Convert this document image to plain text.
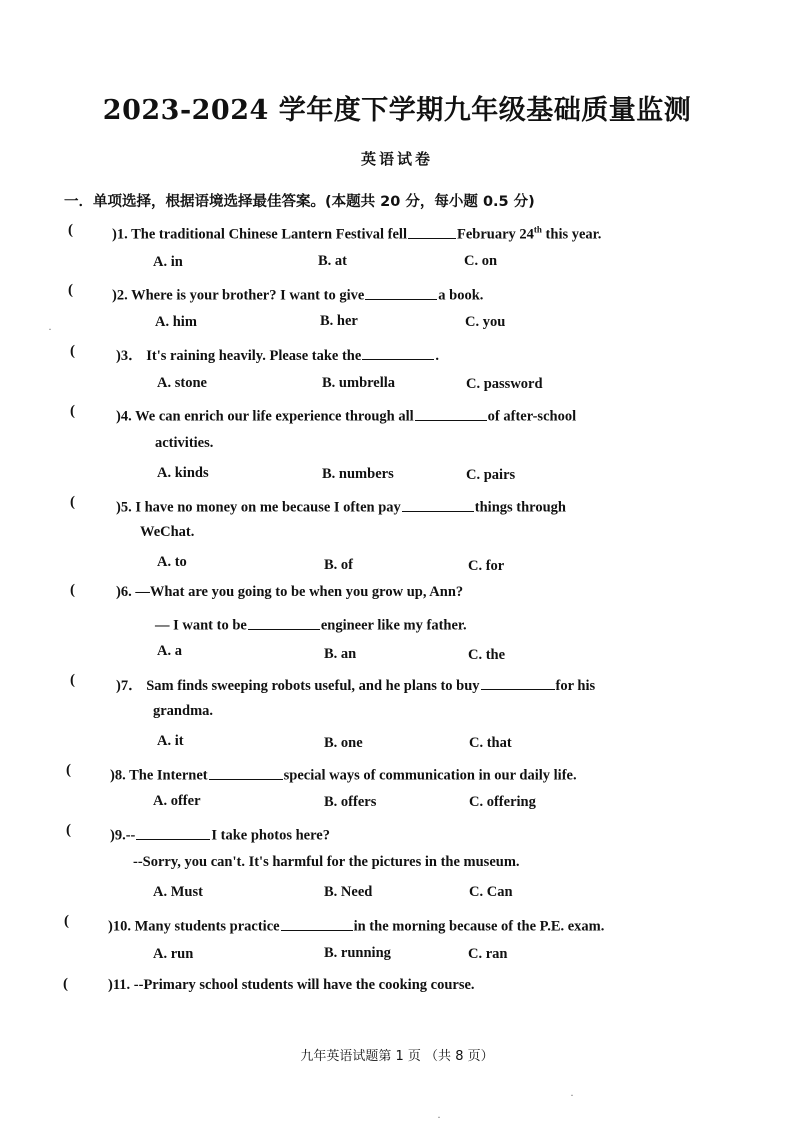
2023-2024 学年度下学期九年级基础质量监测
英语试卷
一．单项选择，根据语境选择最佳答案。(本题共 20 分，每小题 0.5 分)
(	)1. The traditional Chinese Lantern Festival fell	February 24th this year.
A. in	B. at	C. on
(	)2. Where is your brother? I want to give	a book.
A. him	B. her	C. you
(	)3． It's raining heavily. Please take the	.
A. stone	B. umbrella	C. password
(	)4. We can enrich our life experience through all	of after-school
activities.
A. kinds	B. numbers	C. pairs
(	)5. I have no money on me because I often pay	things through
WeChat.
A. to	B. of	C. for
(	)6. —What are you going to be when you grow up, Ann?
— I want to be	engineer like my father.
A. a	B. an	C. the
(	)7． Sam finds sweeping robots useful, and he plans to buy	for his
grandma.
A. it	B. one	C. that
(	)8. The Internet	special ways of communication in our daily life.
A. offer	B. offers	C. offering
(	)9.--	I take photos here?
--Sorry, you can't. It's harmful for the pictures in the museum.
A. Must	B. Need	C. Can
(	)10. Many students practice	in the morning because of the P.E. exam.
A. run	B. running	C. ran
(	)11. --Primary school students will have the cooking course.
九年英语试题第 1 页 （共 8 页）
·
·
·
